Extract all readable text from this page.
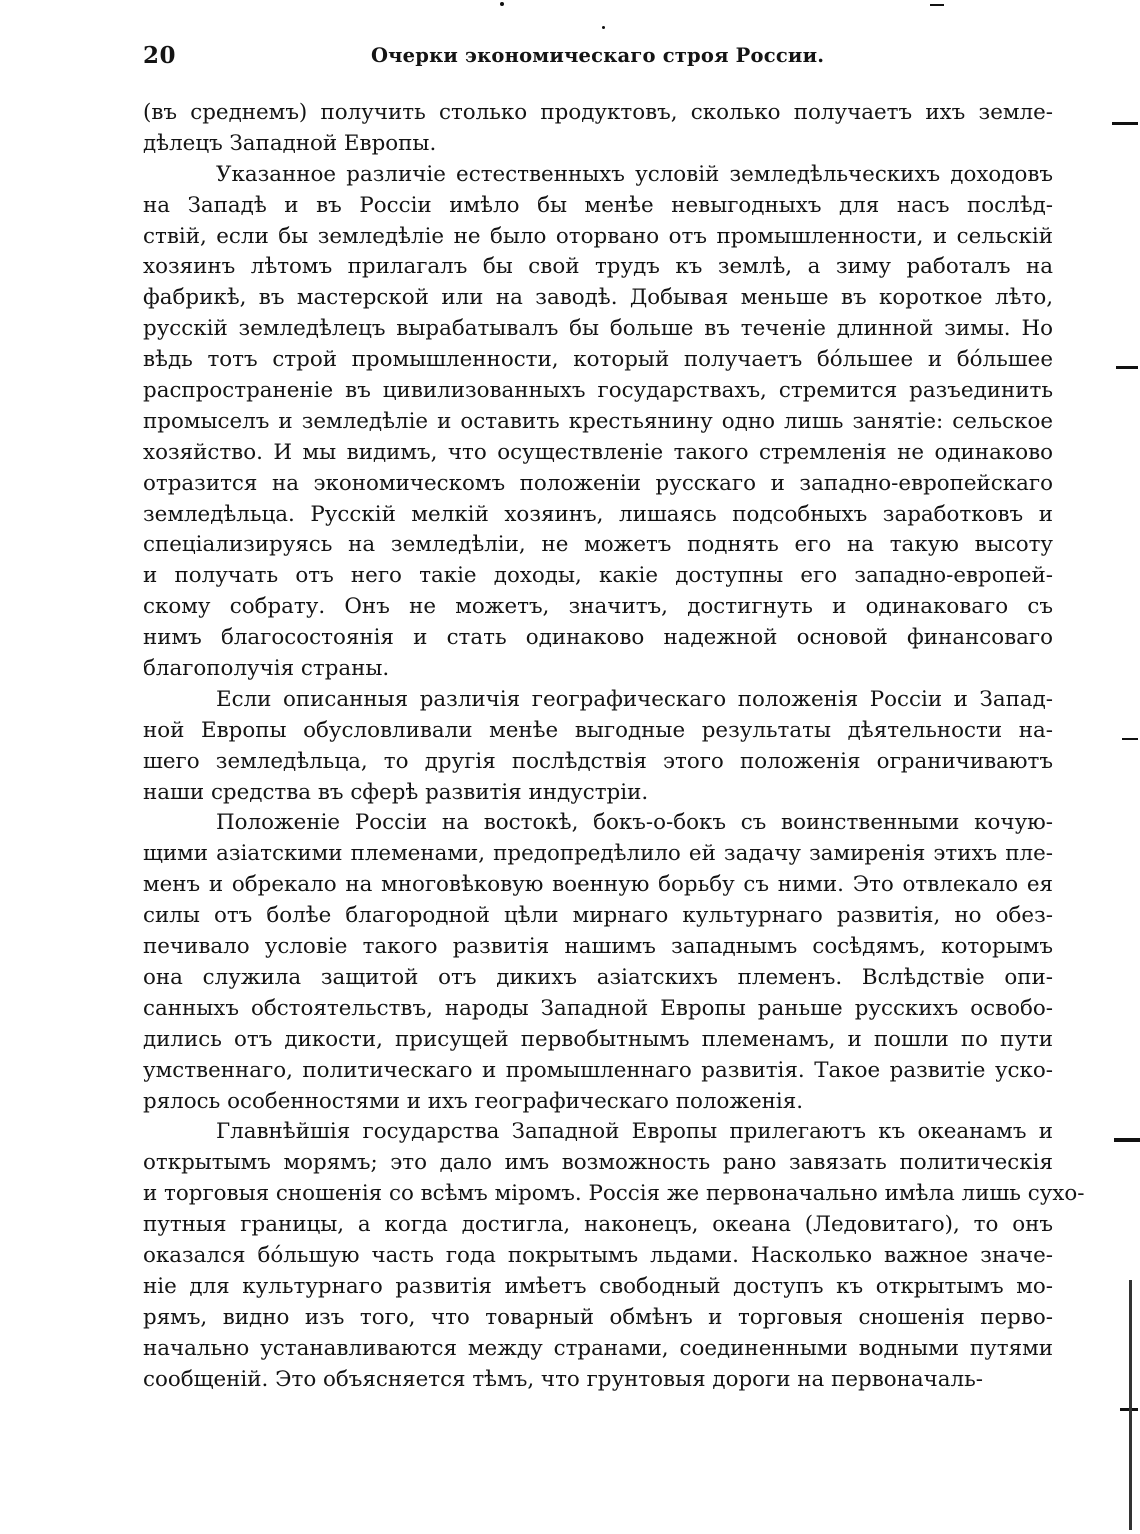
20	Очерки экономическаго строя России.
(въ среднемъ) получить столько продуктовъ, сколько получаетъ ихъ земле-
дѣлецъ Западной Европы.
Указанное различіе естественныхъ условій земледѣльческихъ доходовъ
на Западѣ и въ Россіи имѣло бы менѣе невыгодныхъ для насъ послѣд-
ствій, если бы земледѣліе не было оторвано отъ промышленности, и сельскій
хозяинъ лѣтомъ прилагалъ бы свой трудъ къ землѣ, а зиму работалъ на
фабрикѣ, въ мастерской или на заводѣ. Добывая меньше въ короткое лѣто,
русскій земледѣлецъ вырабатывалъ бы больше въ теченіе длинной зимы. Но
вѣдь тотъ строй промышленности, который получаетъ бóльшее и бóльшее
распространеніе въ цивилизованныхъ государствахъ, стремится разъединить
промыселъ и земледѣліе и оставить крестьянину одно лишь занятіе: сельское
хозяйство. И мы видимъ, что осуществленіе такого стремленія не одинаково
отразится на экономическомъ положеніи русскаго и западно-европейскаго
земледѣльца. Русскій мелкій хозяинъ, лишаясь подсобныхъ заработковъ и
спеціализируясь на земледѣліи, не можетъ поднять его на такую высоту
и получать отъ него такіе доходы, какіе доступны его западно-европей-
скому собрату. Онъ не можетъ, значитъ, достигнуть и одинаковаго съ
нимъ благосостоянія и стать одинаково надежной основой финансоваго
благополучія страны.
Если описанныя различія географическаго положенія Россіи и Запад-
ной Европы обусловливали менѣе выгодные результаты дѣятельности на-
шего земледѣльца, то другія послѣдствія этого положенія ограничиваютъ
наши средства въ сферѣ развитія индустріи.
Положеніе Россіи на востокѣ, бокъ-о-бокъ съ воинственными кочую-
щими азіатскими племенами, предопредѣлило ей задачу замиренія этихъ пле-
менъ и обрекало на многовѣковую военную борьбу съ ними. Это отвлекало ея
силы отъ болѣе благородной цѣли мирнаго культурнаго развитія, но обез-
печивало условіе такого развитія нашимъ западнымъ сосѣдямъ, которымъ
она служила защитой отъ дикихъ азіатскихъ племенъ. Вслѣдствіе опи-
санныхъ обстоятельствъ, народы Западной Европы раньше русскихъ освобо-
дились отъ дикости, присущей первобытнымъ племенамъ, и пошли по пути
умственнаго, политическаго и промышленнаго развитія. Такое развитіе уско-
рялось особенностями и ихъ географическаго положенія.
Главнѣйшія государства Западной Европы прилегаютъ къ океанамъ и
открытымъ морямъ; это дало имъ возможность рано завязать политическія
и торговыя сношенія со всѣмъ міромъ. Россія же первоначально имѣла лишь сухо-
путныя границы, а когда достигла, наконецъ, океана (Ледовитаго), то онъ
оказался бóльшую часть года покрытымъ льдами. Насколько важное значе-
ніе для культурнаго развитія имѣетъ свободный доступъ къ открытымъ мо-
рямъ, видно изъ того, что товарный обмѣнъ и торговыя сношенія перво-
начально устанавливаются между странами, соединенными водными путями
сообщеній. Это объясняется тѣмъ, что грунтовыя дороги на первоначаль-
